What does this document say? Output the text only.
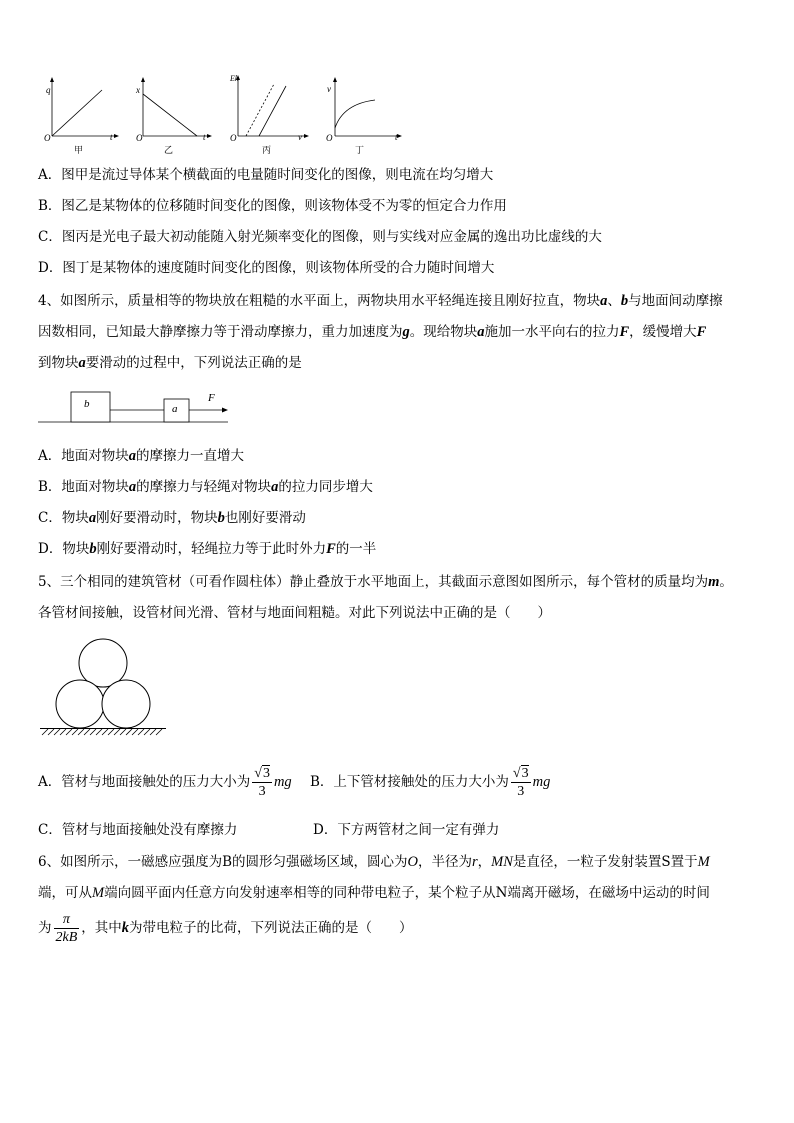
q
t
O
甲
x
t
O
乙
Ek
ν
O
丙
v
t
O
丁
A．图甲是流过导体某个横截面的电量随时间变化的图像，则电流在均匀增大
B．图乙是某物体的位移随时间变化的图像，则该物体受不为零的恒定合力作用
C．图丙是光电子最大初动能随入射光频率变化的图像，则与实线对应金属的逸出功比虚线的大
D．图丁是某物体的速度随时间变化的图像，则该物体所受的合力随时间增大
4、如图所示，质量相等的物块放在粗糙的水平面上，两物块用水平轻绳连接且刚好拉直，物块a、b与地面间动摩擦
因数相同，已知最大静摩擦力等于滑动摩擦力，重力加速度为g。现给物块a施加一水平向右的拉力F，缓慢增大F
到物块a要滑动的过程中，下列说法正确的是
b	a
F
A．地面对物块a的摩擦力一直增大
B．地面对物块a的摩擦力与轻绳对物块a的拉力同步增大
C．物块a刚好要滑动时，物块b也刚好要滑动
D．物块b刚好要滑动时，轻绳拉力等于此时外力F的一半
5、三个相同的建筑管材（可看作圆柱体）静止叠放于水平地面上，其截面示意图如图所示，每个管材的质量均为m。
各管材间接触，设管材间光滑、管材与地面间粗糙。对此下列说法中正确的是（　　）
A．管材与地面接触处的压力大小为 $\frac{√3}{3}$ mg B．上下管材接触处的压力大小为 $\frac{√3}{3}$ mg
C．管材与地面接触处没有摩擦力	D．下方两管材之间一定有弹力
6、如图所示，一磁感应强度为B的圆形匀强磁场区域，圆心为O，半径为r，MN是直径，一粒子发射装置S置于M
端，可从M端向圆平面内任意方向发射速率相等的同种带电粒子，某个粒子从N端离开磁场，在磁场中运动的时间
为 $\frac{\pi}{2kB}$ ，其中k为带电粒子的比荷，下列说法正确的是（　　）
